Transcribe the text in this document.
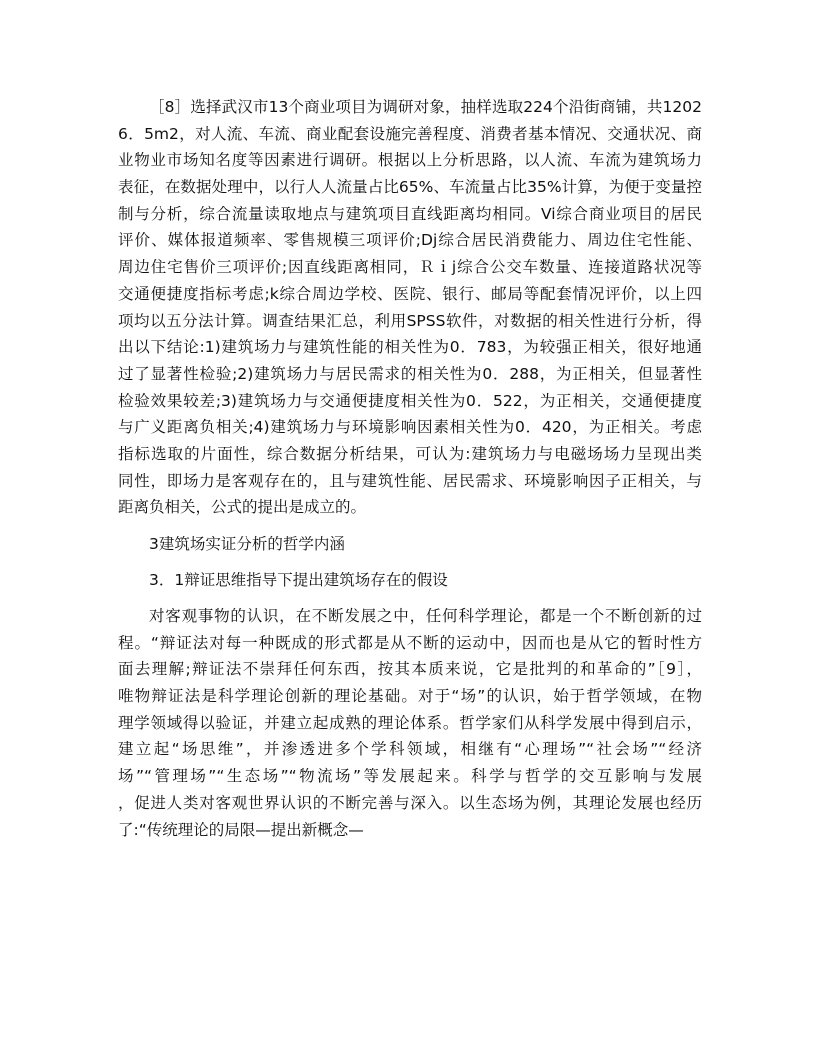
［8］选择武汉市13个商业项目为调研对象，抽样选取224个沿街商铺，共1202
6．5m2，对人流、车流、商业配套设施完善程度、消费者基本情况、交通状况、商
业物业市场知名度等因素进行调研。根据以上分析思路，以人流、车流为建筑场力
表征，在数据处理中，以行人人流量占比65%、车流量占比35%计算，为便于变量控
制与分析，综合流量读取地点与建筑项目直线距离均相同。Vi综合商业项目的居民
评价、媒体报道频率、零售规模三项评价;Dj综合居民消费能力、周边住宅性能、
周边住宅售价三项评价;因直线距离相同，Ｒｉj综合公交车数量、连接道路状况等
交通便捷度指标考虑;k综合周边学校、医院、银行、邮局等配套情况评价，以上四
项均以五分法计算。调查结果汇总，利用SPSS软件，对数据的相关性进行分析，得
出以下结论:1)建筑场力与建筑性能的相关性为0．783，为较强正相关，很好地通
过了显著性检验;2)建筑场力与居民需求的相关性为0．288，为正相关，但显著性
检验效果较差;3)建筑场力与交通便捷度相关性为0．522，为正相关，交通便捷度
与广义距离负相关;4)建筑场力与环境影响因素相关性为0．420，为正相关。考虑
指标选取的片面性，综合数据分析结果，可认为:建筑场力与电磁场场力呈现出类
同性，即场力是客观存在的，且与建筑性能、居民需求、环境影响因子正相关，与
距离负相关，公式的提出是成立的。
3建筑场实证分析的哲学内涵
3．1辩证思维指导下提出建筑场存在的假设
对客观事物的认识，在不断发展之中，任何科学理论，都是一个不断创新的过
程。“辩证法对每一种既成的形式都是从不断的运动中，因而也是从它的暂时性方
面去理解;辩证法不崇拜任何东西，按其本质来说，它是批判的和革命的”［9］，
唯物辩证法是科学理论创新的理论基础。对于“场”的认识，始于哲学领域，在物
理学领域得以验证，并建立起成熟的理论体系。哲学家们从科学发展中得到启示，
建立起“场思维”，并渗透进多个学科领域，相继有“心理场”“社会场”“经济
场”“管理场”“生态场”“物流场”等发展起来。科学与哲学的交互影响与发展
，促进人类对客观世界认识的不断完善与深入。以生态场为例，其理论发展也经历
了:“传统理论的局限—提出新概念—
